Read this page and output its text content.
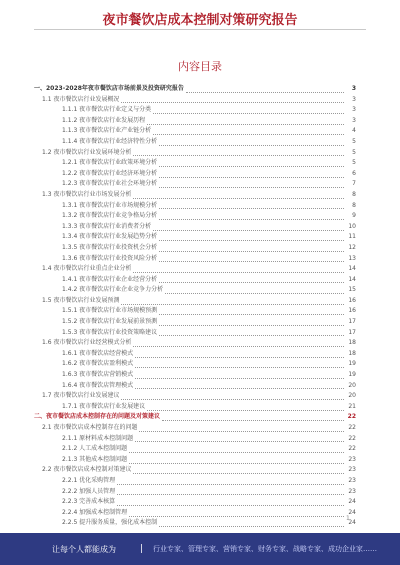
夜市餐饮店成本控制对策研究报告
内容目录
一、2023-2028年夜市餐饮店市场前景及投资研究报告	3
1.1 夜市餐饮店行业发展概况	3
1.1.1 夜市餐饮店行业定义与分类	3
1.1.2 夜市餐饮店行业发展历程	3
1.1.3 夜市餐饮店行业产业链分析	4
1.1.4 夜市餐饮店行业经济特性分析	5
1.2 夜市餐饮店行业发展环境分析	5
1.2.1 夜市餐饮店行业政策环境分析	5
1.2.2 夜市餐饮店行业经济环境分析	6
1.2.3 夜市餐饮店行业社会环境分析	7
1.3 夜市餐饮店行业市场发展分析	8
1.3.1 夜市餐饮店行业市场规模分析	8
1.3.2 夜市餐饮店行业竞争格局分析	9
1.3.3 夜市餐饮店行业消费者分析	10
1.3.4 夜市餐饮店行业发展趋势分析	11
1.3.5 夜市餐饮店行业投资机会分析	12
1.3.6 夜市餐饮店行业投资风险分析	13
1.4 夜市餐饮店行业重点企业分析	14
1.4.1 夜市餐饮店行业企业经营分析	14
1.4.2 夜市餐饮店行业企业竞争力分析	15
1.5 夜市餐饮店行业发展预测	16
1.5.1 夜市餐饮店行业市场规模预测	16
1.5.2 夜市餐饮店行业发展前景预测	17
1.5.3 夜市餐饮店行业投资策略建议	17
1.6 夜市餐饮店行业经营模式分析	18
1.6.1 夜市餐饮店经营模式	18
1.6.2 夜市餐饮店盈利模式	19
1.6.3 夜市餐饮店营销模式	19
1.6.4 夜市餐饮店管理模式	20
1.7 夜市餐饮店行业发展建议	20
1.7.1 夜市餐饮店行业发展建议	21
二、夜市餐饮店成本控制存在的问题及对策建议	22
2.1 夜市餐饮店成本控制存在的问题	22
2.1.1 原材料成本控制问题	22
2.1.2 人工成本控制问题	22
2.1.3 其他成本控制问题	23
2.2 夜市餐饮店成本控制对策建议	23
2.2.1 优化采购管理	23
2.2.2 加强人员管理	23
2.2.3 完善成本核算	24
2.2.4 加强成本控制管理	24
2.2.5 提升服务质量，强化成本控制	24
1
让每个人都能成为	|	行业专家、管理专家、营销专家、财务专家、战略专家、成功企业家……
